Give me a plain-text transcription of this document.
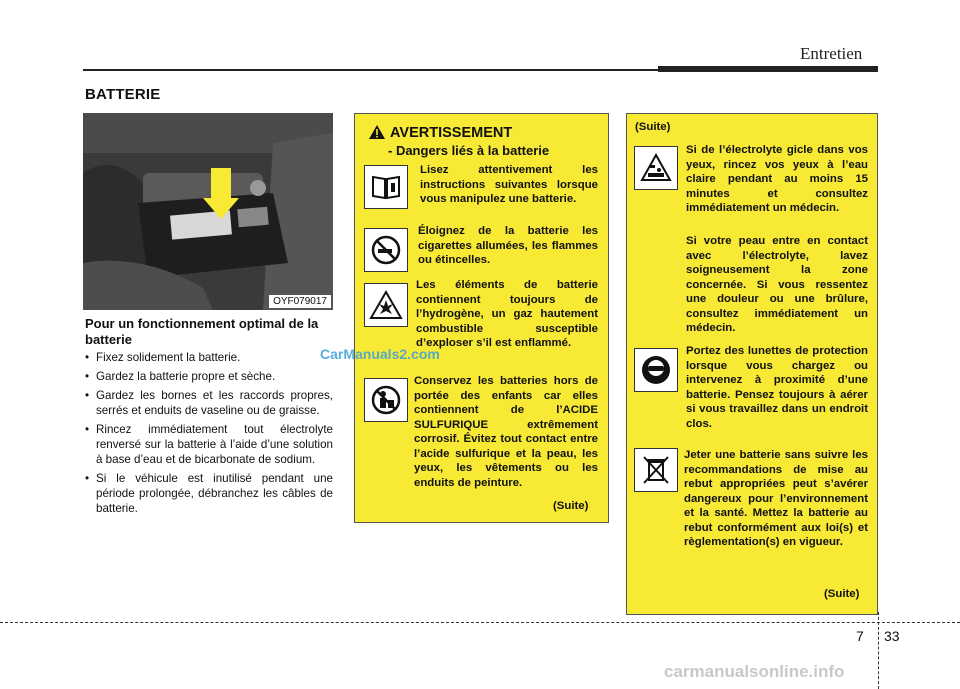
Entretien
BATTERIE
OYF079017
Pour un fonctionnement optimal de la batterie
• Fixez solidement la batterie.
• Gardez la batterie propre et sèche.
• Gardez les bornes et les raccords propres, serrés et enduits de vaseline ou de graisse.
• Rincez immédiatement tout électrolyte renversé sur la batterie à l’aide d’une solution à base d’eau et de bicarbonate de sodium.
• Si le véhicule est inutilisé pendant une période prolongée, débranchez les câbles de batterie.
AVERTISSEMENT
- Dangers liés à la batterie
Lisez attentivement les instructions suivantes lorsque vous manipulez une batterie.
Éloignez de la batterie les cigarettes allumées, les flammes ou étincelles.
Les éléments de batterie contiennent toujours de l’hydrogène, un gaz hautement combustible susceptible d’exploser s’il est enflammé.
Conservez les batteries hors de portée des enfants car elles contiennent de l’ACIDE SULFURIQUE extrêmement corrosif. Évitez tout contact entre l’acide sulfurique et la peau, les yeux, les vêtements ou les enduits de peinture.
(Suite)
(Suite)
Si de l’électrolyte gicle dans vos yeux, rincez vos yeux à l’eau claire pendant au moins 15 minutes et consultez immédiatement un médecin.
Si votre peau entre en contact avec l’électrolyte, lavez soigneusement la zone concernée. Si vous ressentez une douleur ou une brûlure, consultez immédiatement un médecin.
Portez des lunettes de protection lorsque vous chargez ou intervenez à proximité d’une batterie. Pensez toujours à aérer si vous travaillez dans un endroit clos.
Jeter une batterie sans suivre les recommandations de mise au rebut appropriées peut s’avérer dangereux pour l’environnement et la santé. Mettez la batterie au rebut conformément aux loi(s) et règlementation(s) en vigueur.
(Suite)
7 33
CarManuals2.com
carmanualsonline.info
